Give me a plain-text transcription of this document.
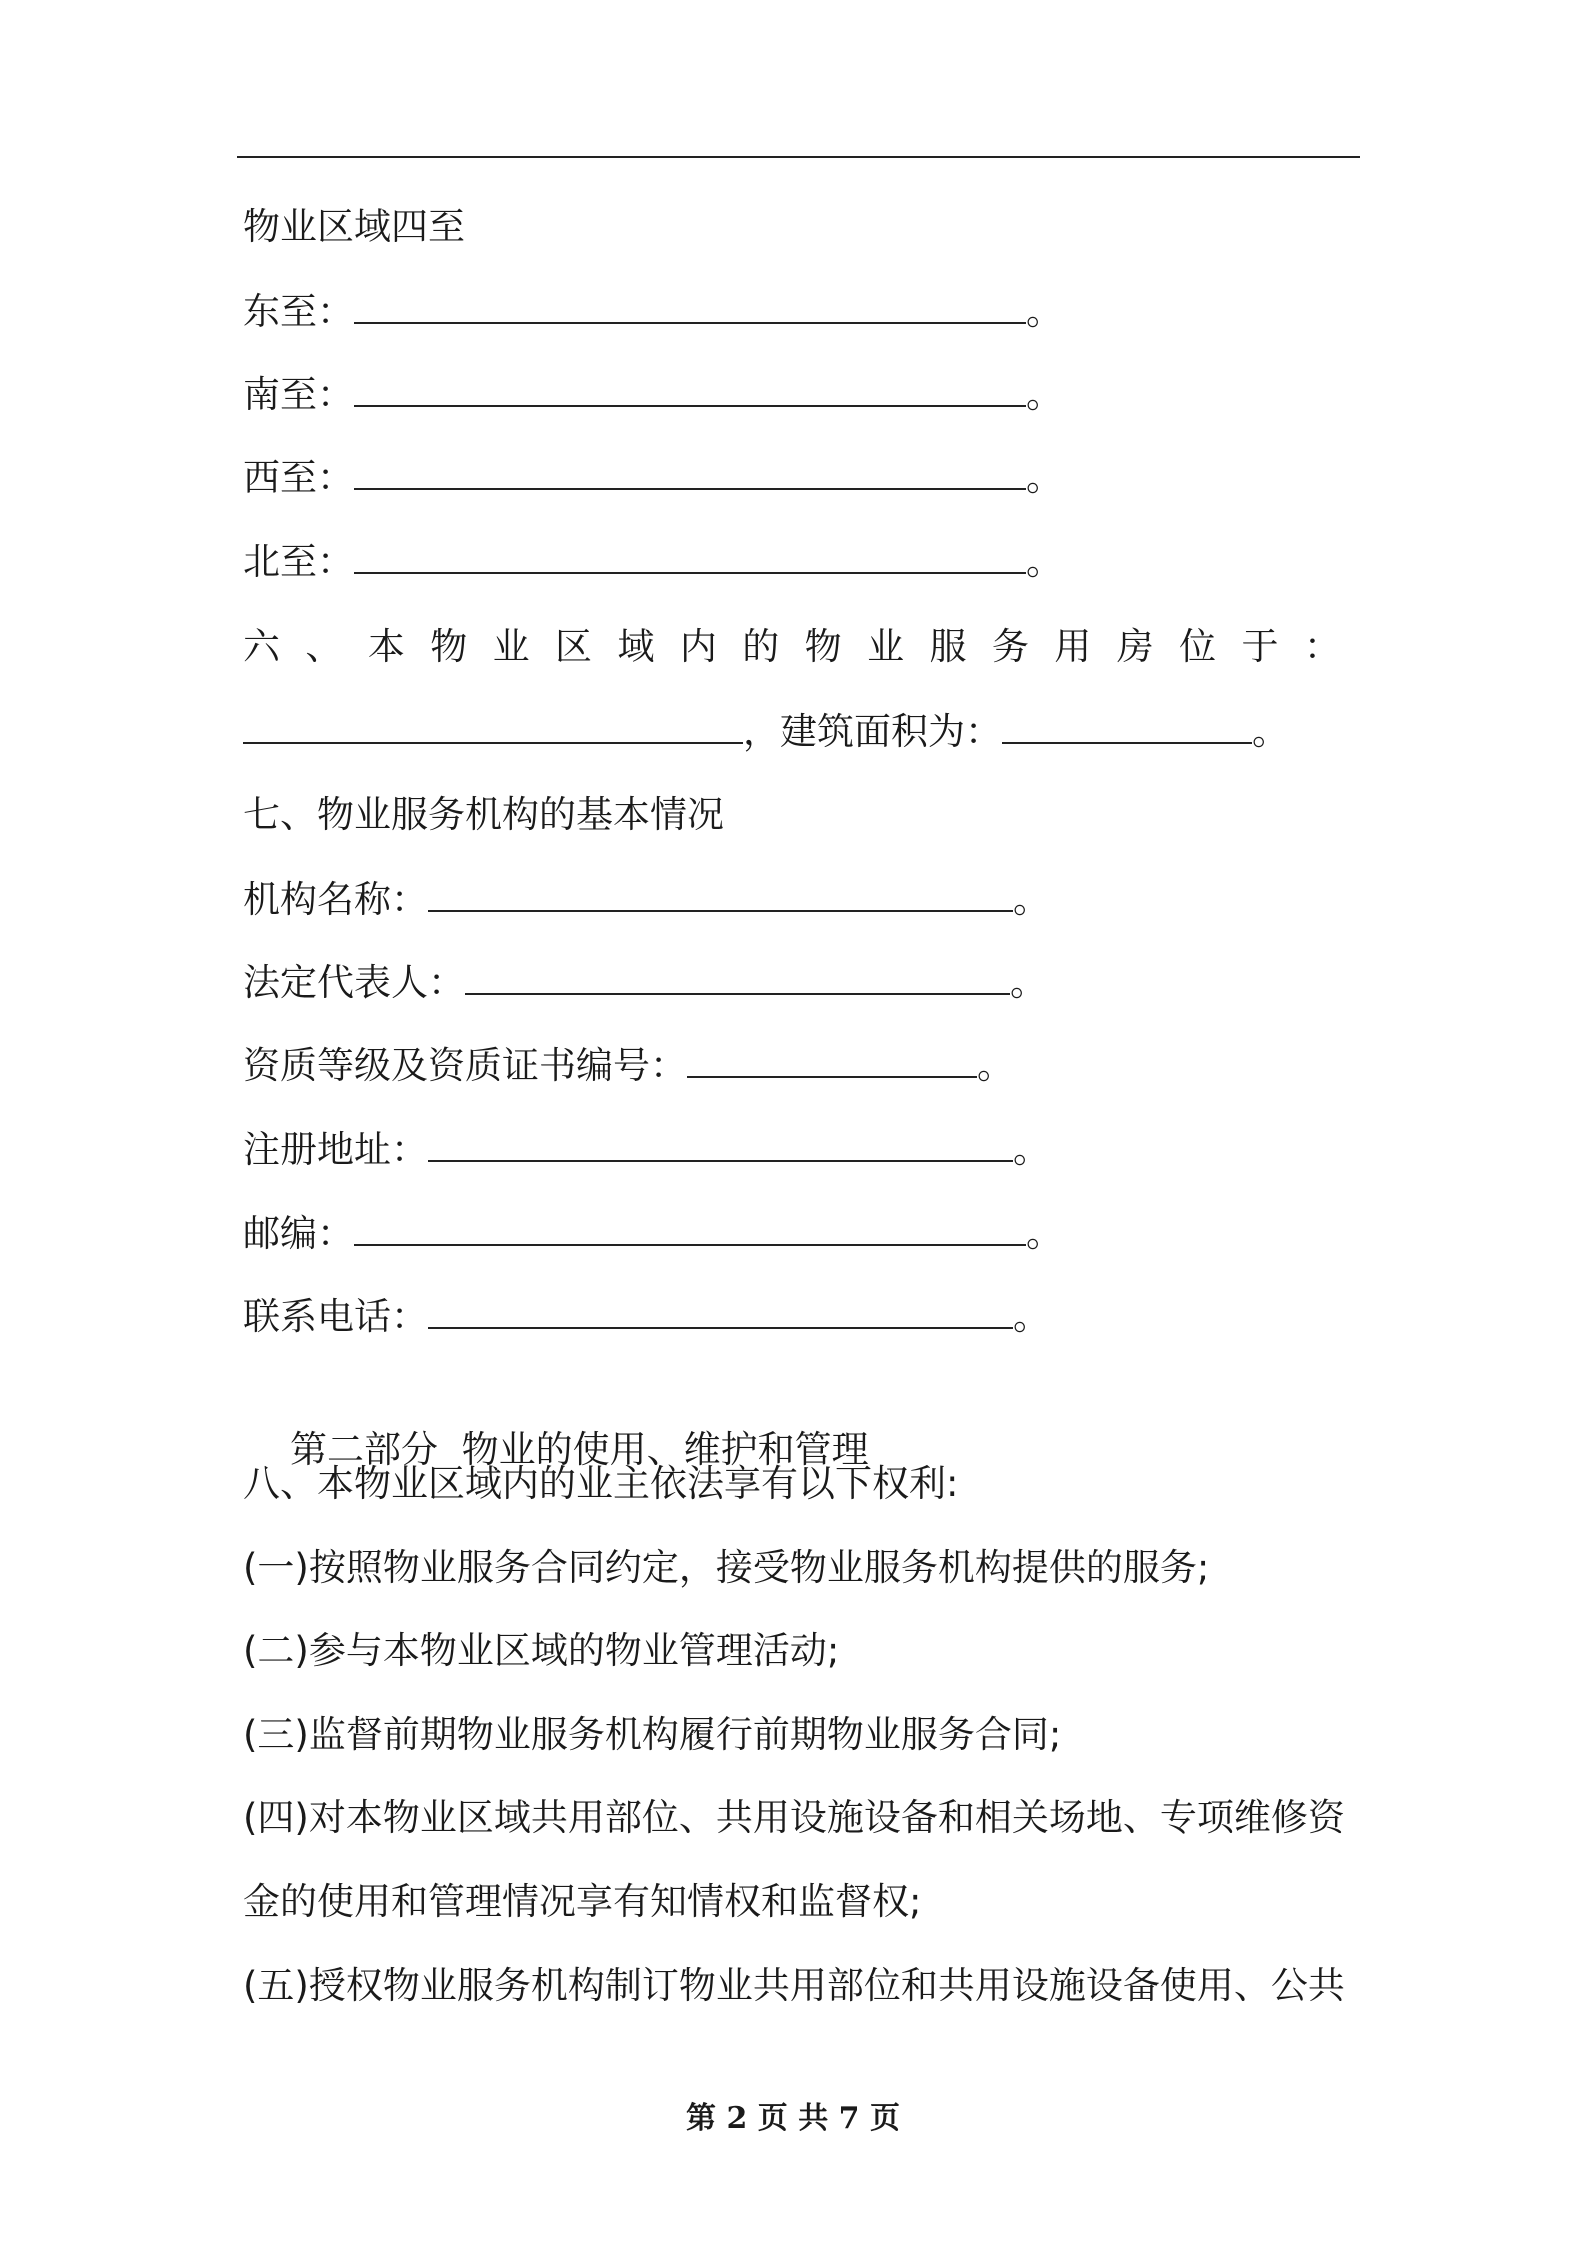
物业区域四至
东至：	。
南至：	。
西至：	。
北至：	。
六 、 本 物 业 区 域 内 的 物 业 服 务 用 房 位 于 ：
，建筑面积为：	。
七、物业服务机构的基本情况
机构名称：	。
法定代表人：	。
资质等级及资质证书编号：	。
注册地址：	。
邮编：	。
联系电话：	。

第二部分  物业的使用、维护和管理

八、本物业区域内的业主依法享有以下权利:
(一)按照物业服务合同约定，接受物业服务机构提供的服务;
(二)参与本物业区域的物业管理活动;
(三)监督前期物业服务机构履行前期物业服务合同;
(四)对本物业区域共用部位、共用设施设备和相关场地、专项维修资
金的使用和管理情况享有知情权和监督权;
(五)授权物业服务机构制订物业共用部位和共用设施设备使用、公共
第 2 页 共 7 页
